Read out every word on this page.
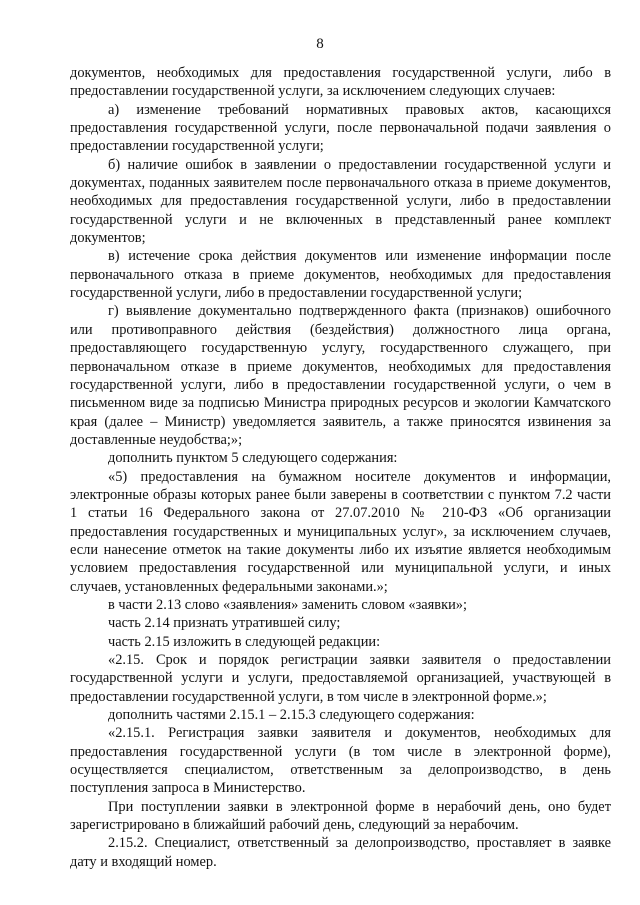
8

документов, необходимых для предоставления государственной услуги, либо в предоставлении государственной услуги, за исключением следующих случаев:

а) изменение требований нормативных правовых актов, касающихся предоставления государственной услуги, после первоначальной подачи заявления о предоставлении государственной услуги;

б) наличие ошибок в заявлении о предоставлении государственной услуги и документах, поданных заявителем после первоначального отказа в приеме документов, необходимых для предоставления государственной услуги, либо в предоставлении государственной услуги и не включенных в представленный ранее комплект документов;

в) истечение срока действия документов или изменение информации после первоначального отказа в приеме документов, необходимых для предоставления государственной услуги, либо в предоставлении государственной услуги;

г) выявление документально подтвержденного факта (признаков) ошибочного или противоправного действия (бездействия) должностного лица органа, предоставляющего государственную услугу, государственного служащего, при первоначальном отказе в приеме документов, необходимых для предоставления государственной услуги, либо в предоставлении государственной услуги, о чем в письменном виде за подписью Министра природных ресурсов и экологии Камчатского края (далее – Министр) уведомляется заявитель, а также приносятся извинения за доставленные неудобства;»;

дополнить пунктом 5 следующего содержания:

«5) предоставления на бумажном носителе документов и информации, электронные образы которых ранее были заверены в соответствии с пунктом 7.2 части 1 статьи 16 Федерального закона от 27.07.2010 № 210-ФЗ «Об организации предоставления государственных и муниципальных услуг», за исключением случаев, если нанесение отметок на такие документы либо их изъятие является необходимым условием предоставления государственной или муниципальной услуги, и иных случаев, установленных федеральными законами.»;

в части 2.13 слово «заявления» заменить словом «заявки»;

часть 2.14 признать утратившей силу;

часть 2.15 изложить в следующей редакции:

«2.15. Срок и порядок регистрации заявки заявителя о предоставлении государственной услуги и услуги, предоставляемой организацией, участвующей в предоставлении государственной услуги, в том числе в электронной форме.»;

дополнить частями 2.15.1 – 2.15.3 следующего содержания:

«2.15.1. Регистрация заявки заявителя и документов, необходимых для предоставления государственной услуги (в том числе в электронной форме), осуществляется специалистом, ответственным за делопроизводство, в день поступления запроса в Министерство.

При поступлении заявки в электронной форме в нерабочий день, оно будет зарегистрировано в ближайший рабочий день, следующий за нерабочим.

2.15.2. Специалист, ответственный за делопроизводство, проставляет в заявке дату и входящий номер.
